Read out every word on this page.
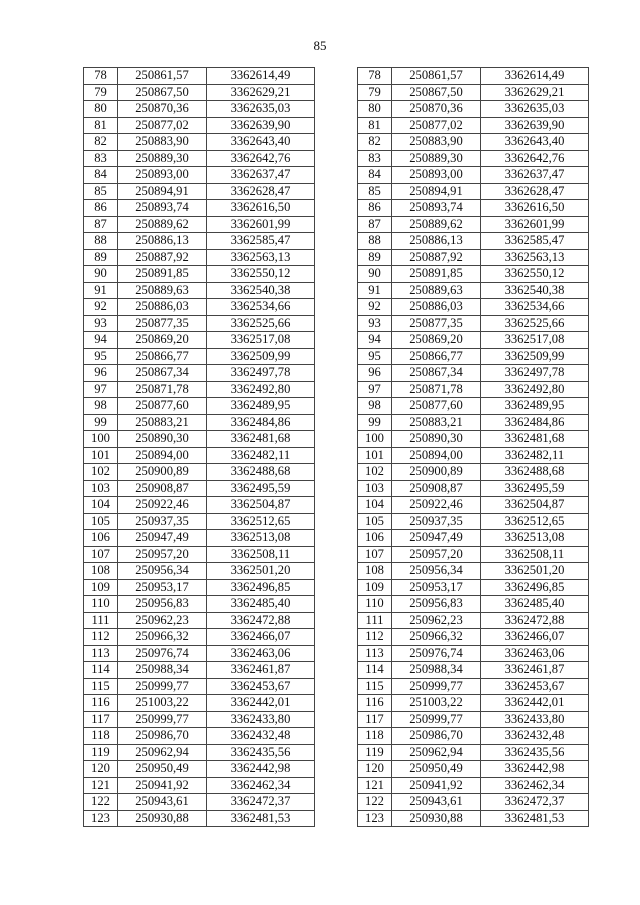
85
78	250861,57	3362614,49
79	250867,50	3362629,21
80	250870,36	3362635,03
81	250877,02	3362639,90
82	250883,90	3362643,40
83	250889,30	3362642,76
84	250893,00	3362637,47
85	250894,91	3362628,47
86	250893,74	3362616,50
87	250889,62	3362601,99
88	250886,13	3362585,47
89	250887,92	3362563,13
90	250891,85	3362550,12
91	250889,63	3362540,38
92	250886,03	3362534,66
93	250877,35	3362525,66
94	250869,20	3362517,08
95	250866,77	3362509,99
96	250867,34	3362497,78
97	250871,78	3362492,80
98	250877,60	3362489,95
99	250883,21	3362484,86
100	250890,30	3362481,68
101	250894,00	3362482,11
102	250900,89	3362488,68
103	250908,87	3362495,59
104	250922,46	3362504,87
105	250937,35	3362512,65
106	250947,49	3362513,08
107	250957,20	3362508,11
108	250956,34	3362501,20
109	250953,17	3362496,85
110	250956,83	3362485,40
111	250962,23	3362472,88
112	250966,32	3362466,07
113	250976,74	3362463,06
114	250988,34	3362461,87
115	250999,77	3362453,67
116	251003,22	3362442,01
117	250999,77	3362433,80
118	250986,70	3362432,48
119	250962,94	3362435,56
120	250950,49	3362442,98
121	250941,92	3362462,34
122	250943,61	3362472,37
123	250930,88	3362481,53
78	250861,57	3362614,49
79	250867,50	3362629,21
80	250870,36	3362635,03
81	250877,02	3362639,90
82	250883,90	3362643,40
83	250889,30	3362642,76
84	250893,00	3362637,47
85	250894,91	3362628,47
86	250893,74	3362616,50
87	250889,62	3362601,99
88	250886,13	3362585,47
89	250887,92	3362563,13
90	250891,85	3362550,12
91	250889,63	3362540,38
92	250886,03	3362534,66
93	250877,35	3362525,66
94	250869,20	3362517,08
95	250866,77	3362509,99
96	250867,34	3362497,78
97	250871,78	3362492,80
98	250877,60	3362489,95
99	250883,21	3362484,86
100	250890,30	3362481,68
101	250894,00	3362482,11
102	250900,89	3362488,68
103	250908,87	3362495,59
104	250922,46	3362504,87
105	250937,35	3362512,65
106	250947,49	3362513,08
107	250957,20	3362508,11
108	250956,34	3362501,20
109	250953,17	3362496,85
110	250956,83	3362485,40
111	250962,23	3362472,88
112	250966,32	3362466,07
113	250976,74	3362463,06
114	250988,34	3362461,87
115	250999,77	3362453,67
116	251003,22	3362442,01
117	250999,77	3362433,80
118	250986,70	3362432,48
119	250962,94	3362435,56
120	250950,49	3362442,98
121	250941,92	3362462,34
122	250943,61	3362472,37
123	250930,88	3362481,53
